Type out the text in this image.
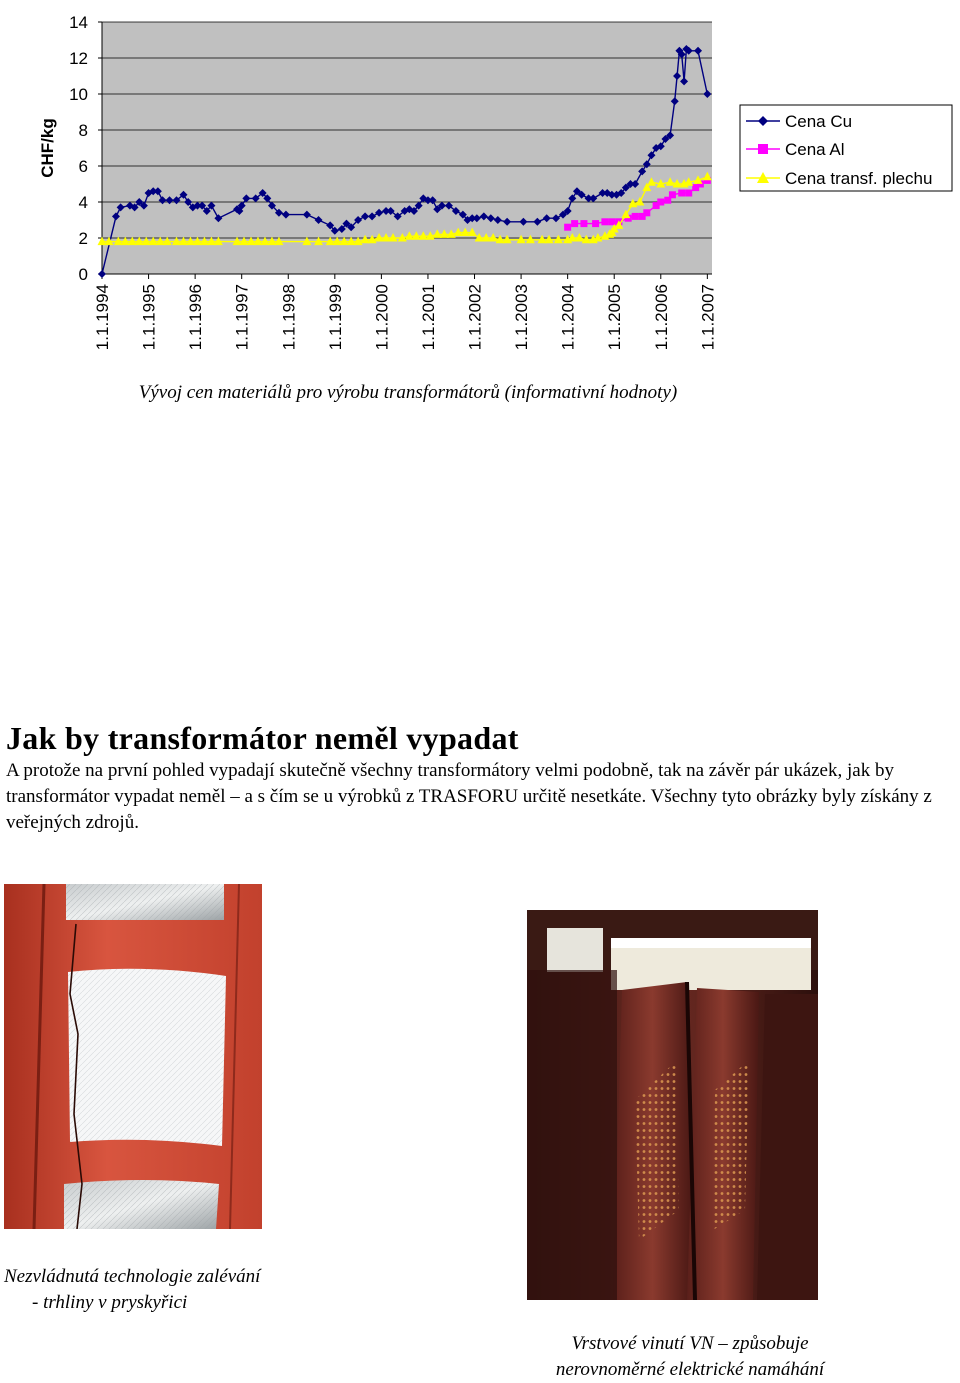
0
2
4
6
8
10
12
14
1.1.1994 1.1.1995 1.1.1996 1.1.1997 1.1.1998 1.1.1999 1.1.2000 1.1.2001 1.1.2002 1.1.2003 1.1.2004 1.1.2005 1.1.2006 1.1.2007
CHF/kg	Cena Cu
Cena Al
Cena transf. plechu
Vývoj cen materiálů pro výrobu transformátorů (informativní hodnoty)
Jak by transformátor neměl vypadat

A protože na první pohled vypadají skutečně všechny transformátory velmi podobně, tak na závěr pár ukázek, jak by transformátor vypadat neměl – a s čím se u výrobků z TRASFORU určitě nesetkáte. Všechny tyto obrázky byly získány z veřejných zdrojů.

Nezvládnutá technologie zalévání
- trhliny v pryskyřici
Vrstvové vinutí VN – způsobuje
nerovnoměrné elektrické namáhání
